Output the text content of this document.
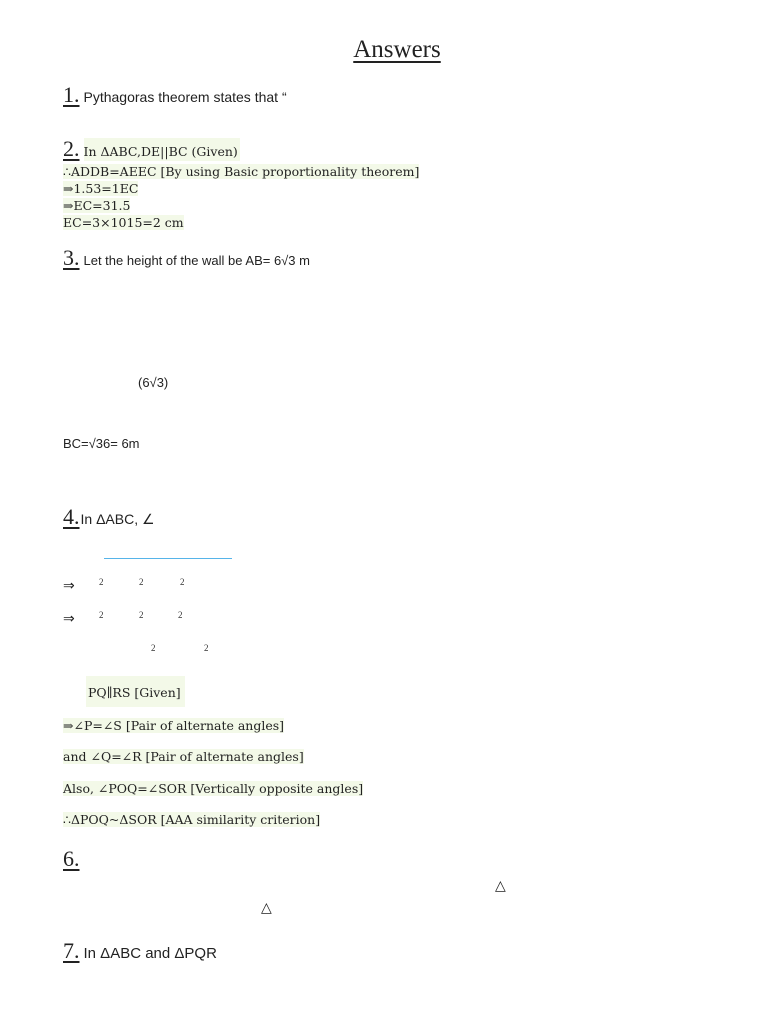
Answers
1. Pythagoras theorem states that “
2. In ΔABC,DE||BC (Given)
∴ADDB=AEEC [By using Basic proportionality theorem]
⇒1.53=1EC
⇒EC=31.5
EC=3×1015=2 cm
3. Let the height of the wall be AB= 6√3 m
(6√3)
BC=√36= 6m
4.In ΔABC, ∠
⇒	2	2	2
⇒	2	2	2
2	2
PQ∥RS [Given]
⇒∠P=∠S [Pair of alternate angles]
and ∠Q=∠R [Pair of alternate angles]
Also, ∠POQ=∠SOR [Vertically opposite angles]
∴ΔPOQ~ΔSOR [AAA similarity criterion]
6.
△
△
7. In ΔABC and ΔPQR
